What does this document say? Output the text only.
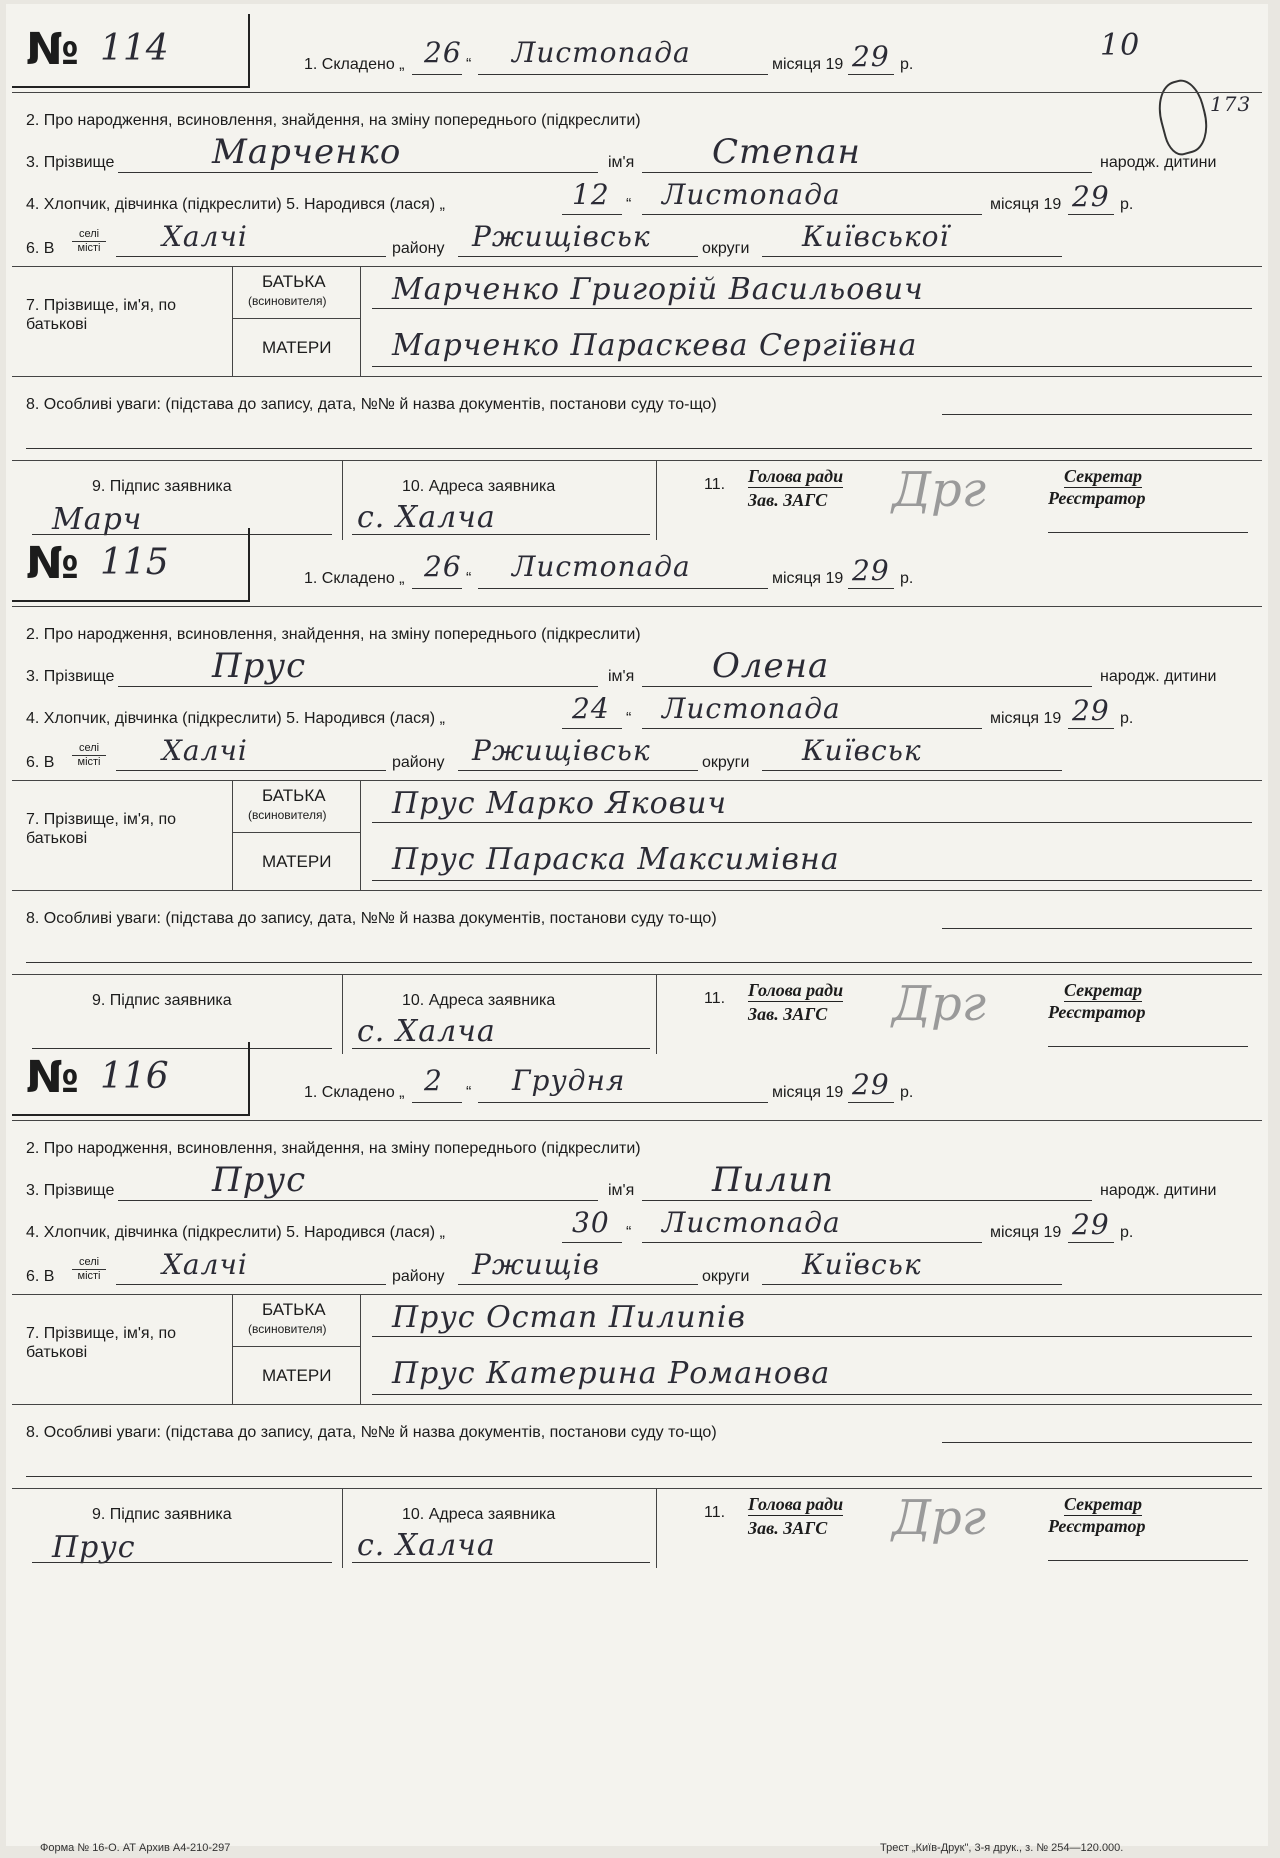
10
173
№ 114	1. Складено „ 26 “ Листопада	місяця 19 29 р.
2. Про народження, всиновлення, знайдення, на зміну попереднього (підкреслити)
3. Прізвище	Марченко	ім'я Степан	народж. дитини
4. Хлопчик, дівчинка (підкреслити) 5. Народився (лася) „	12 “ Листопада	місяця 19 29 р.
6. В
селі
місті Халчі	району Ржищівськ	округи Київської
7. Прізвище, ім'я, по батькові
БАТЬКА
(всиновителя) Марченко Григорій Васильович
МАТЕРИ Марченко Параскева Сергіївна
8. Особливі уваги: (підстава до запису, дата, №№ й назва документів, постанови суду то-що)
9. Підпис заявника
Марч
10. Адреса заявника
с. Халча
11. Голова ради
Зав. ЗАГС Дрг	Секретар
Реєстратор
№ 115	1. Складено „ 26 “ Листопада	місяця 19 29 р.
2. Про народження, всиновлення, знайдення, на зміну попереднього (підкреслити)
3. Прізвище	Прус	ім'я Олена	народж. дитини
4. Хлопчик, дівчинка (підкреслити) 5. Народився (лася) „	24 “ Листопада	місяця 19 29 р.
6. В
селі
місті Халчі	району Ржищівськ	округи Київськ
7. Прізвище, ім'я, по батькові
БАТЬКА
(всиновителя) Прус Марко Якович
МАТЕРИ Прус Параска Максимівна
8. Особливі уваги: (підстава до запису, дата, №№ й назва документів, постанови суду то-що)
9. Підпис заявника	10. Адреса заявника
с. Халча
11. Голова ради
Зав. ЗАГС Дрг	Секретар
Реєстратор
№ 116	1. Складено „ 2 “ Грудня	місяця 19 29 р.
2. Про народження, всиновлення, знайдення, на зміну попереднього (підкреслити)
3. Прізвище	Прус	ім'я Пилип	народж. дитини
4. Хлопчик, дівчинка (підкреслити) 5. Народився (лася) „	30 “ Листопада	місяця 19 29 р.
6. В
селі
місті Халчі	району Ржищів	округи Київськ
7. Прізвище, ім'я, по батькові
БАТЬКА
(всиновителя) Прус Остап Пилипів
МАТЕРИ Прус Катерина Романова
8. Особливі уваги: (підстава до запису, дата, №№ й назва документів, постанови суду то-що)
9. Підпис заявника
Прус
10. Адреса заявника
с. Халча
11. Голова ради
Зав. ЗАГС Дрг	Секретар
Реєстратор
Форма № 16-О. АТ Архив А4-210-297	Трест „Київ-Друк", 3-я друк., з. № 254—120.000.
